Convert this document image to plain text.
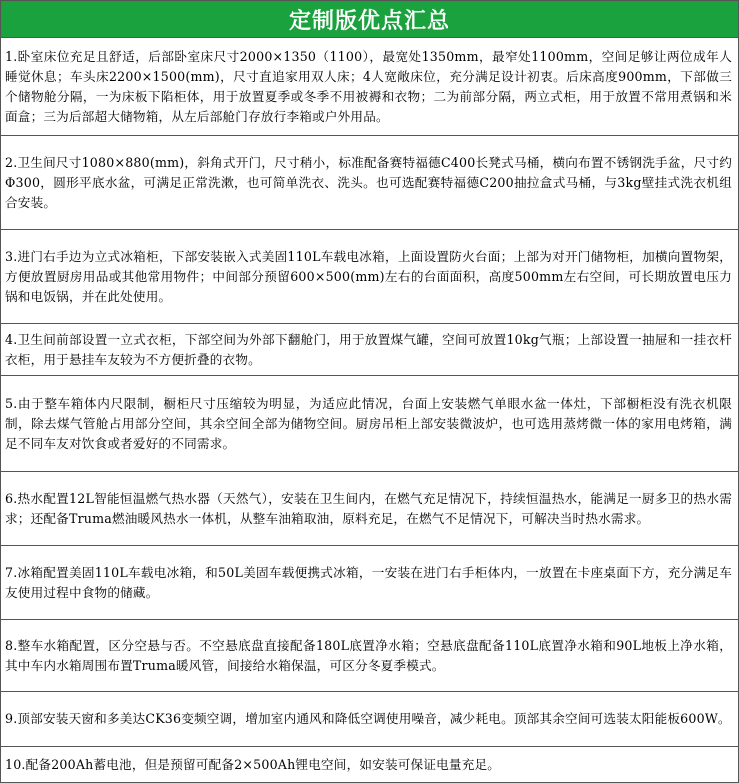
定制版优点汇总
1.卧室床位充足且舒适，后部卧室床尺寸2000×1350（1100），最宽处1350mm，最窄处1100mm，空间足够让两位成年人睡觉休息；车头床2200×1500(mm)，尺寸直追家用双人床；4人宽敞床位，充分满足设计初衷。后床高度900mm，下部做三个储物舱分隔，一为床板下陷柜体，用于放置夏季或冬季不用被褥和衣物；二为前部分隔，两立式柜，用于放置不常用煮锅和米面盒；三为后部超大储物箱，从左后部舱门存放行李箱或户外用品。
2.卫生间尺寸1080×880(mm)，斜角式开门，尺寸稍小，标准配备赛特福德C400长凳式马桶，横向布置不锈钢洗手盆，尺寸约Φ300，圆形平底水盆，可满足正常洗漱，也可简单洗衣、洗头。也可选配赛特福德C200抽拉盒式马桶，与3kg壁挂式洗衣机组合安装。
3.进门右手边为立式冰箱柜，下部安装嵌入式美固110L车载电冰箱，上面设置防火台面；上部为对开门储物柜，加横向置物架，方便放置厨房用品或其他常用物件；中间部分预留600×500(mm)左右的台面面积，高度500mm左右空间，可长期放置电压力锅和电饭锅，并在此处使用。
4.卫生间前部设置一立式衣柜，下部空间为外部下翻舱门，用于放置煤气罐，空间可放置10kg气瓶；上部设置一抽屉和一挂衣杆衣柜，用于悬挂车友较为不方便折叠的衣物。
5.由于整车箱体内尺限制，橱柜尺寸压缩较为明显，为适应此情况，台面上安装燃气单眼水盆一体灶，下部橱柜没有洗衣机限制，除去煤气管舱占用部分空间，其余空间全部为储物空间。厨房吊柜上部安装微波炉，也可选用蒸烤微一体的家用电烤箱，满足不同车友对饮食或者爱好的不同需求。
6.热水配置12L智能恒温燃气热水器（天然气），安装在卫生间内，在燃气充足情况下，持续恒温热水，能满足一厨多卫的热水需求；还配备Truma燃油暖风热水一体机，从整车油箱取油，原料充足，在燃气不足情况下，可解决当时热水需求。
7.冰箱配置美固110L车载电冰箱，和50L美固车载便携式冰箱，一安装在进门右手柜体内，一放置在卡座桌面下方，充分满足车友使用过程中食物的储藏。
8.整车水箱配置，区分空悬与否。不空悬底盘直接配备180L底置净水箱；空悬底盘配备110L底置净水箱和90L地板上净水箱，其中车内水箱周围布置Truma暖风管，间接给水箱保温，可区分冬夏季模式。
9.顶部安装天窗和多美达CK36变频空调，增加室内通风和降低空调使用噪音，减少耗电。顶部其余空间可选装太阳能板600W。
10.配备200Ah蓄电池，但是预留可配备2×500Ah锂电空间，如安装可保证电量充足。
